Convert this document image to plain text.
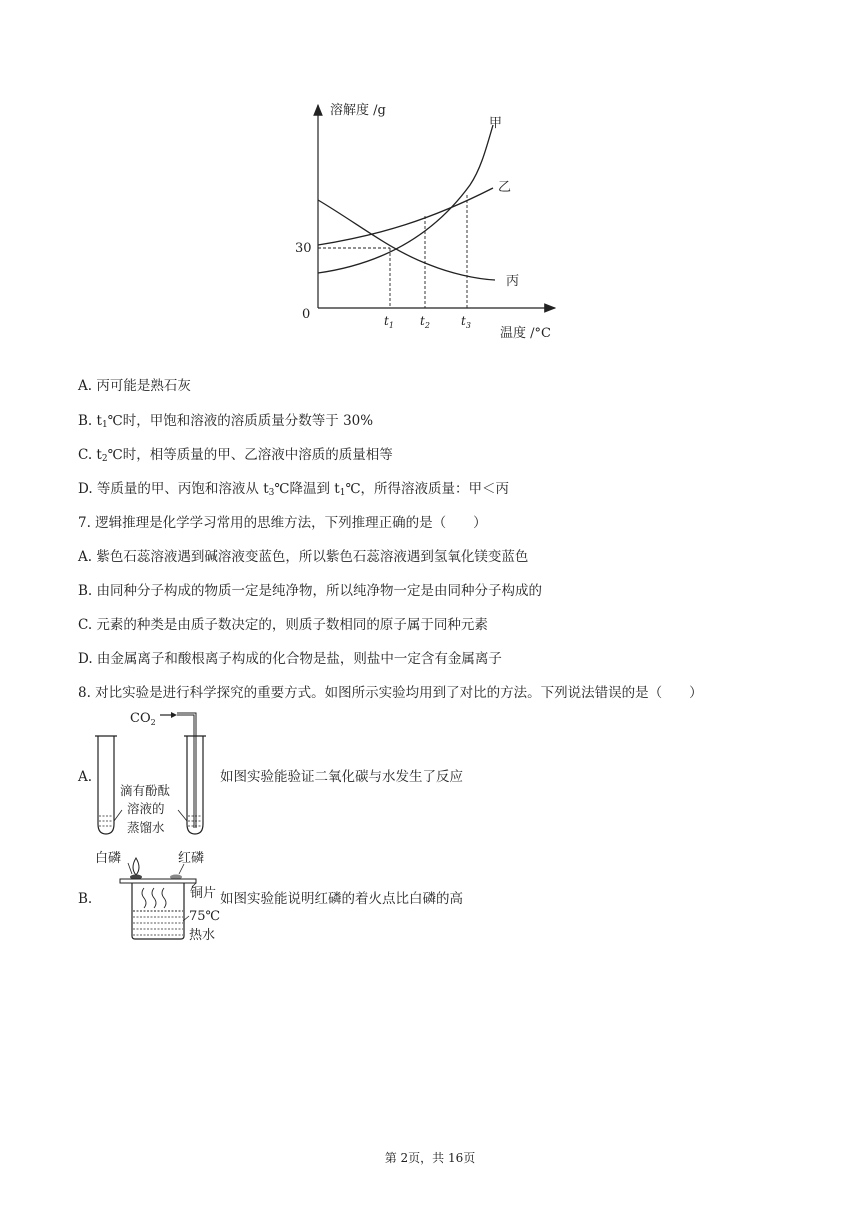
溶解度 /g
温度 /°C
0
30
甲
乙
丙
$t_1$ $t_2$	$t_3$
A. 丙可能是熟石灰
B. $t_1℃$时，甲饱和溶液的溶质质量分数等于 30%
C. $t_2℃$时，相等质量的甲、乙溶液中溶质的质量相等
D. 等质量的甲、丙饱和溶液从 $t_3℃$降温到 $t_1℃$，所得溶液质量：甲＜丙
7. 逻辑推理是化学学习常用的思维方法，下列推理正确的是（　　）
A. 紫色石蕊溶液遇到碱溶液变蓝色，所以紫色石蕊溶液遇到氢氧化镁变蓝色
B. 由同种分子构成的物质一定是纯净物，所以纯净物一定是由同种分子构成的
C. 元素的种类是由质子数决定的，则质子数相同的原子属于同种元素
D. 由金属离子和酸根离子构成的化合物是盐，则盐中一定含有金属离子
8. 对比实验是进行科学探究的重要方式。如图所示实验均用到了对比的方法。下列说法错误的是（　　）
A.	如图实验能验证二氧化碳与水发生了反应
$CO_2$
滴有酚酞
溶液的
蒸馏水
B.	如图实验能说明红磷的着火点比白磷的高
白磷	红磷
铜片
75℃
热水
第 2页，共 16页
